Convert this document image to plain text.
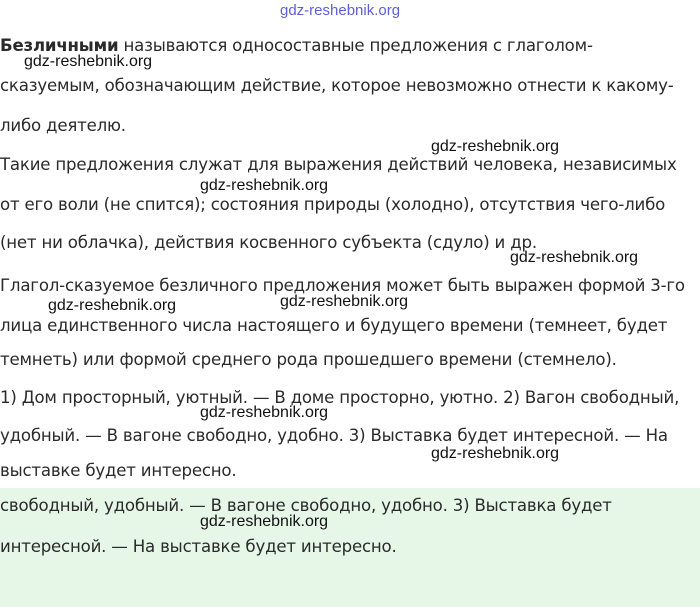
gdz-reshebnik.org
Безличными называются односоставные предложения с глаголом-
сказуемым, обозначающим действие, которое невозможно отнести к какому-
либо деятелю.
Такие предложения служат для выражения действий человека, независимых
от его воли (не спится); состояния природы (холодно), отсутствия чего-либо
(нет ни облачка), действия косвенного субъекта (сдуло) и др.
Глагол-сказуемое безличного предложения может быть выражен формой 3-го
лица единственного числа настоящего и будущего времени (темнеет, будет
темнеть) или формой среднего рода прошедшего времени (стемнело).
1) Дом просторный, уютный. — В доме просторно, уютно. 2) Вагон свободный,
удобный. — В вагоне свободно, удобно. 3) Выставка будет интересной. — На
выставке будет интересно.
свободный, удобный. — В вагоне свободно, удобно. 3) Выставка будет
интересной. — На выставке будет интересно.
gdz-reshebnik.org
gdz-reshebnik.org
gdz-reshebnik.org
gdz-reshebnik.org
gdz-reshebnik.org
gdz-reshebnik.org
gdz-reshebnik.org
gdz-reshebnik.org
gdz-reshebnik.org
